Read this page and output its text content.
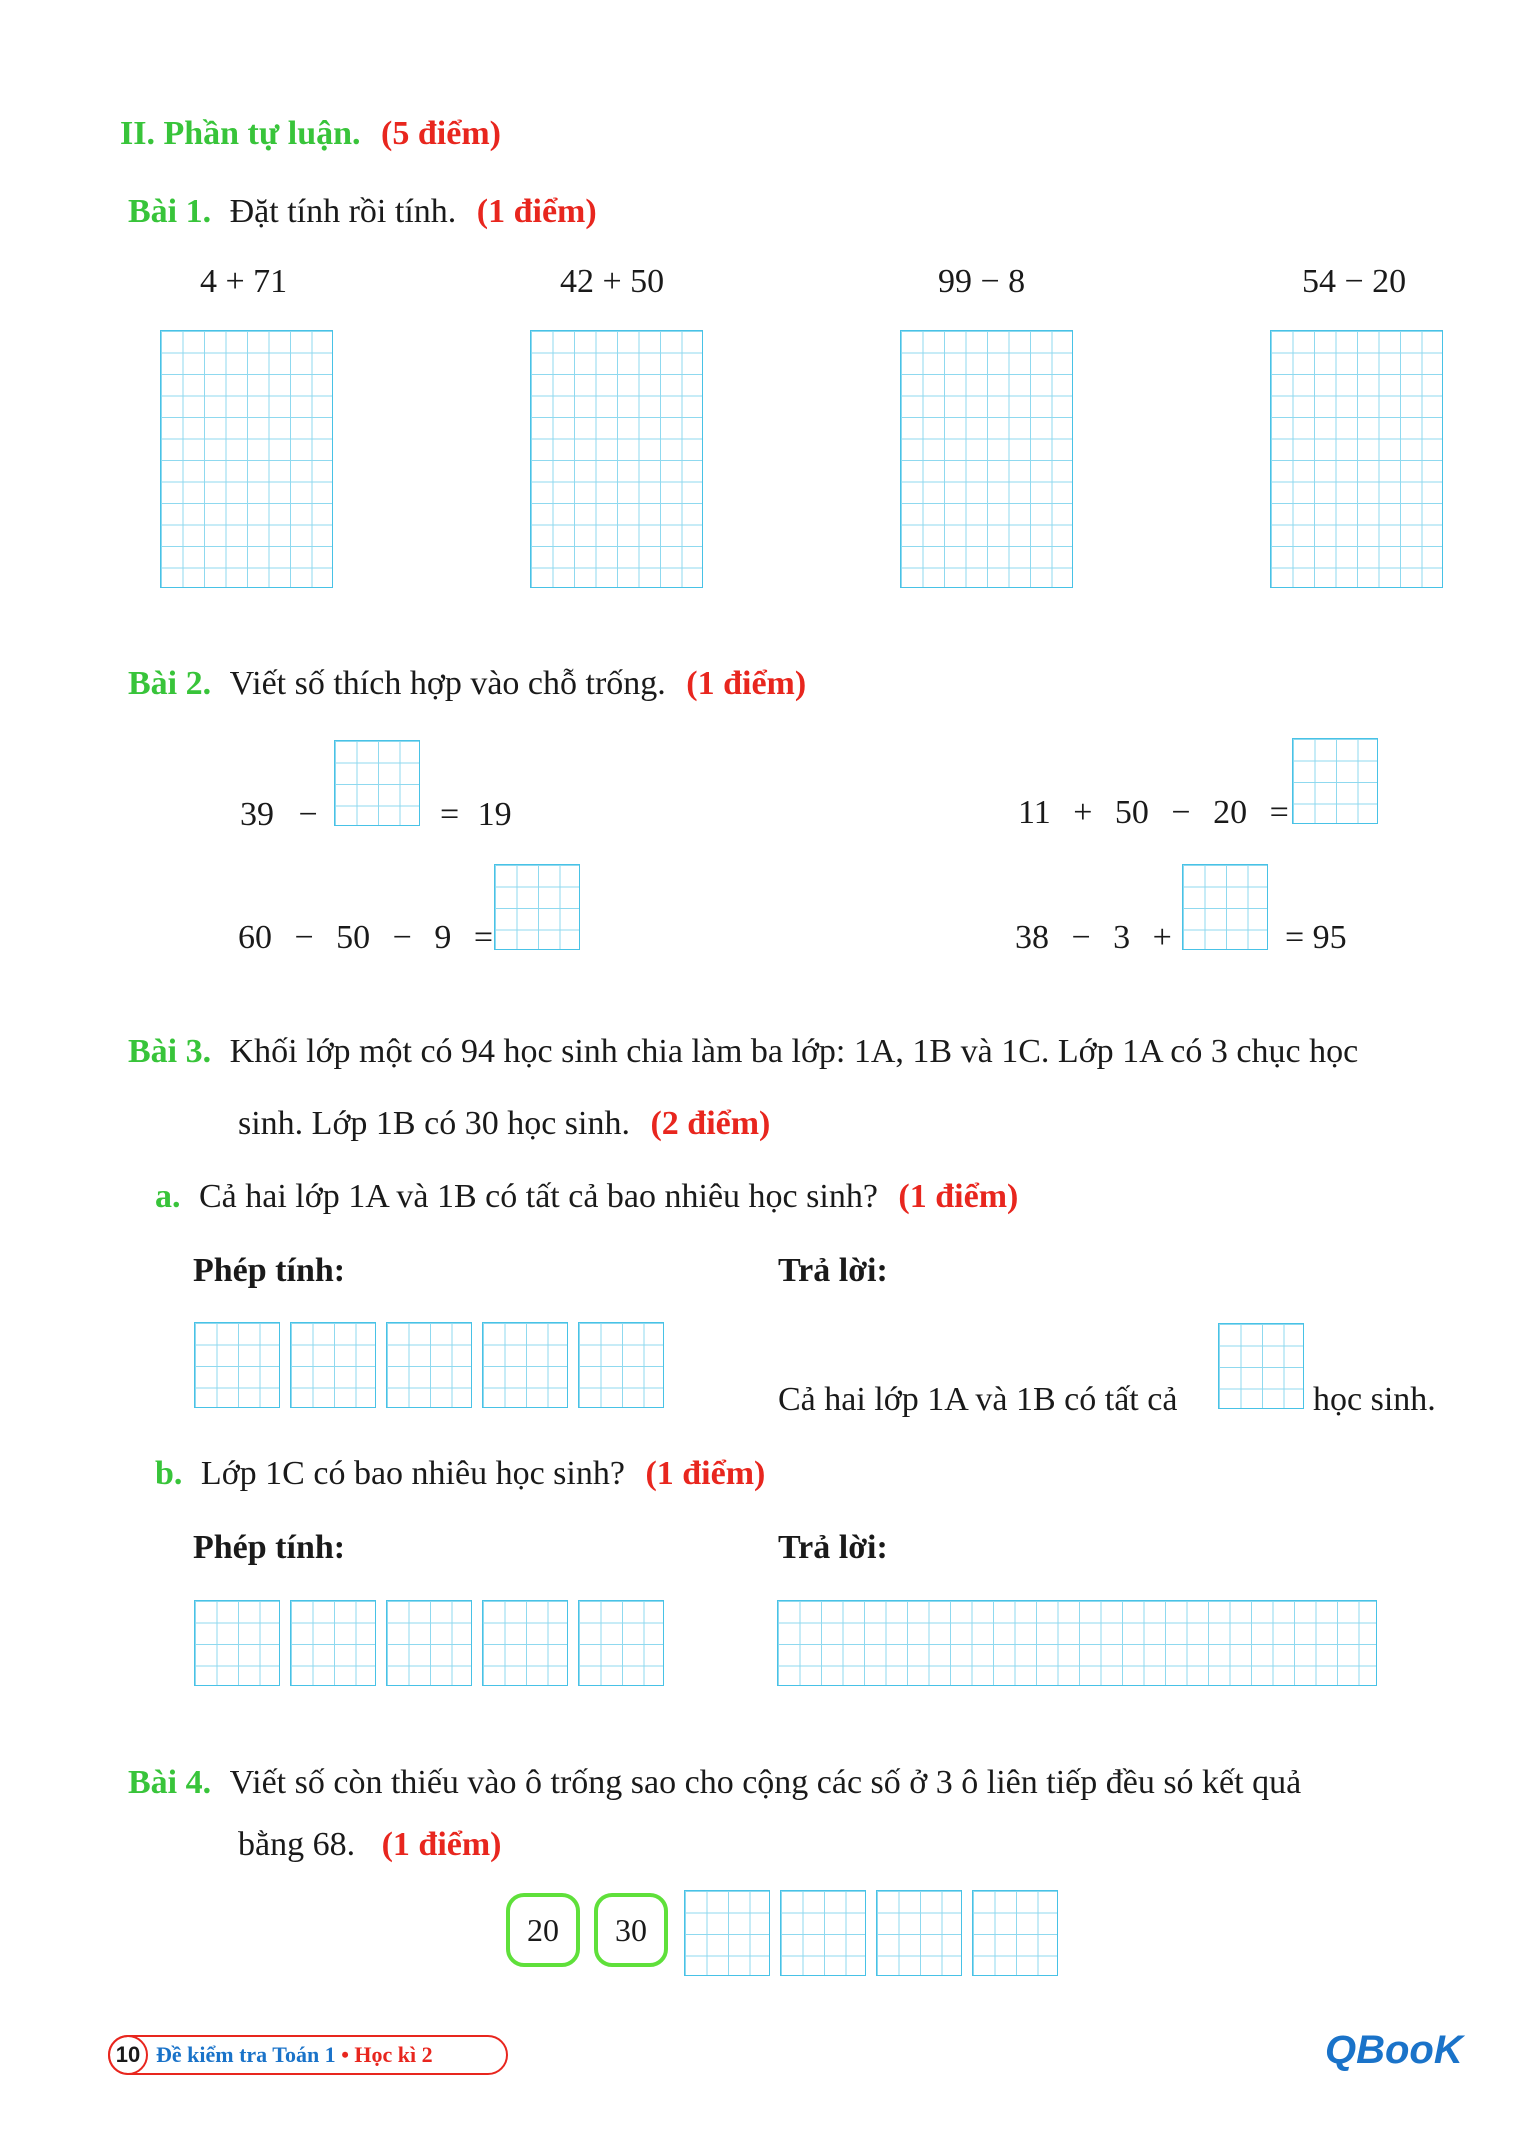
II. Phần tự luận. (5 điểm)
Bài 1. Đặt tính rồi tính. (1 điểm)
4 + 71	42 + 50	99 − 8	54 − 20
Bài 2. Viết số thích hợp vào chỗ trống. (1 điểm)
39 −	= 19	11 + 50 − 20 =
60 − 50 − 9 =	38 − 3 +	= 95
Bài 3. Khối lớp một có 94 học sinh chia làm ba lớp: 1A, 1B và 1C. Lớp 1A có 3 chục học
sinh. Lớp 1B có 30 học sinh. (2 điểm)
a. Cả hai lớp 1A và 1B có tất cả bao nhiêu học sinh? (1 điểm)
Phép tính:	Trả lời:
Cả hai lớp 1A và 1B có tất cả	học sinh.
b. Lớp 1C có bao nhiêu học sinh? (1 điểm)
Phép tính:	Trả lời:
Bài 4. Viết số còn thiếu vào ô trống sao cho cộng các số ở 3 ô liên tiếp đều só kết quả
bằng 68. (1 điểm)
20 30
10 Đề kiểm tra Toán 1 • Học kì 2	QBooK
